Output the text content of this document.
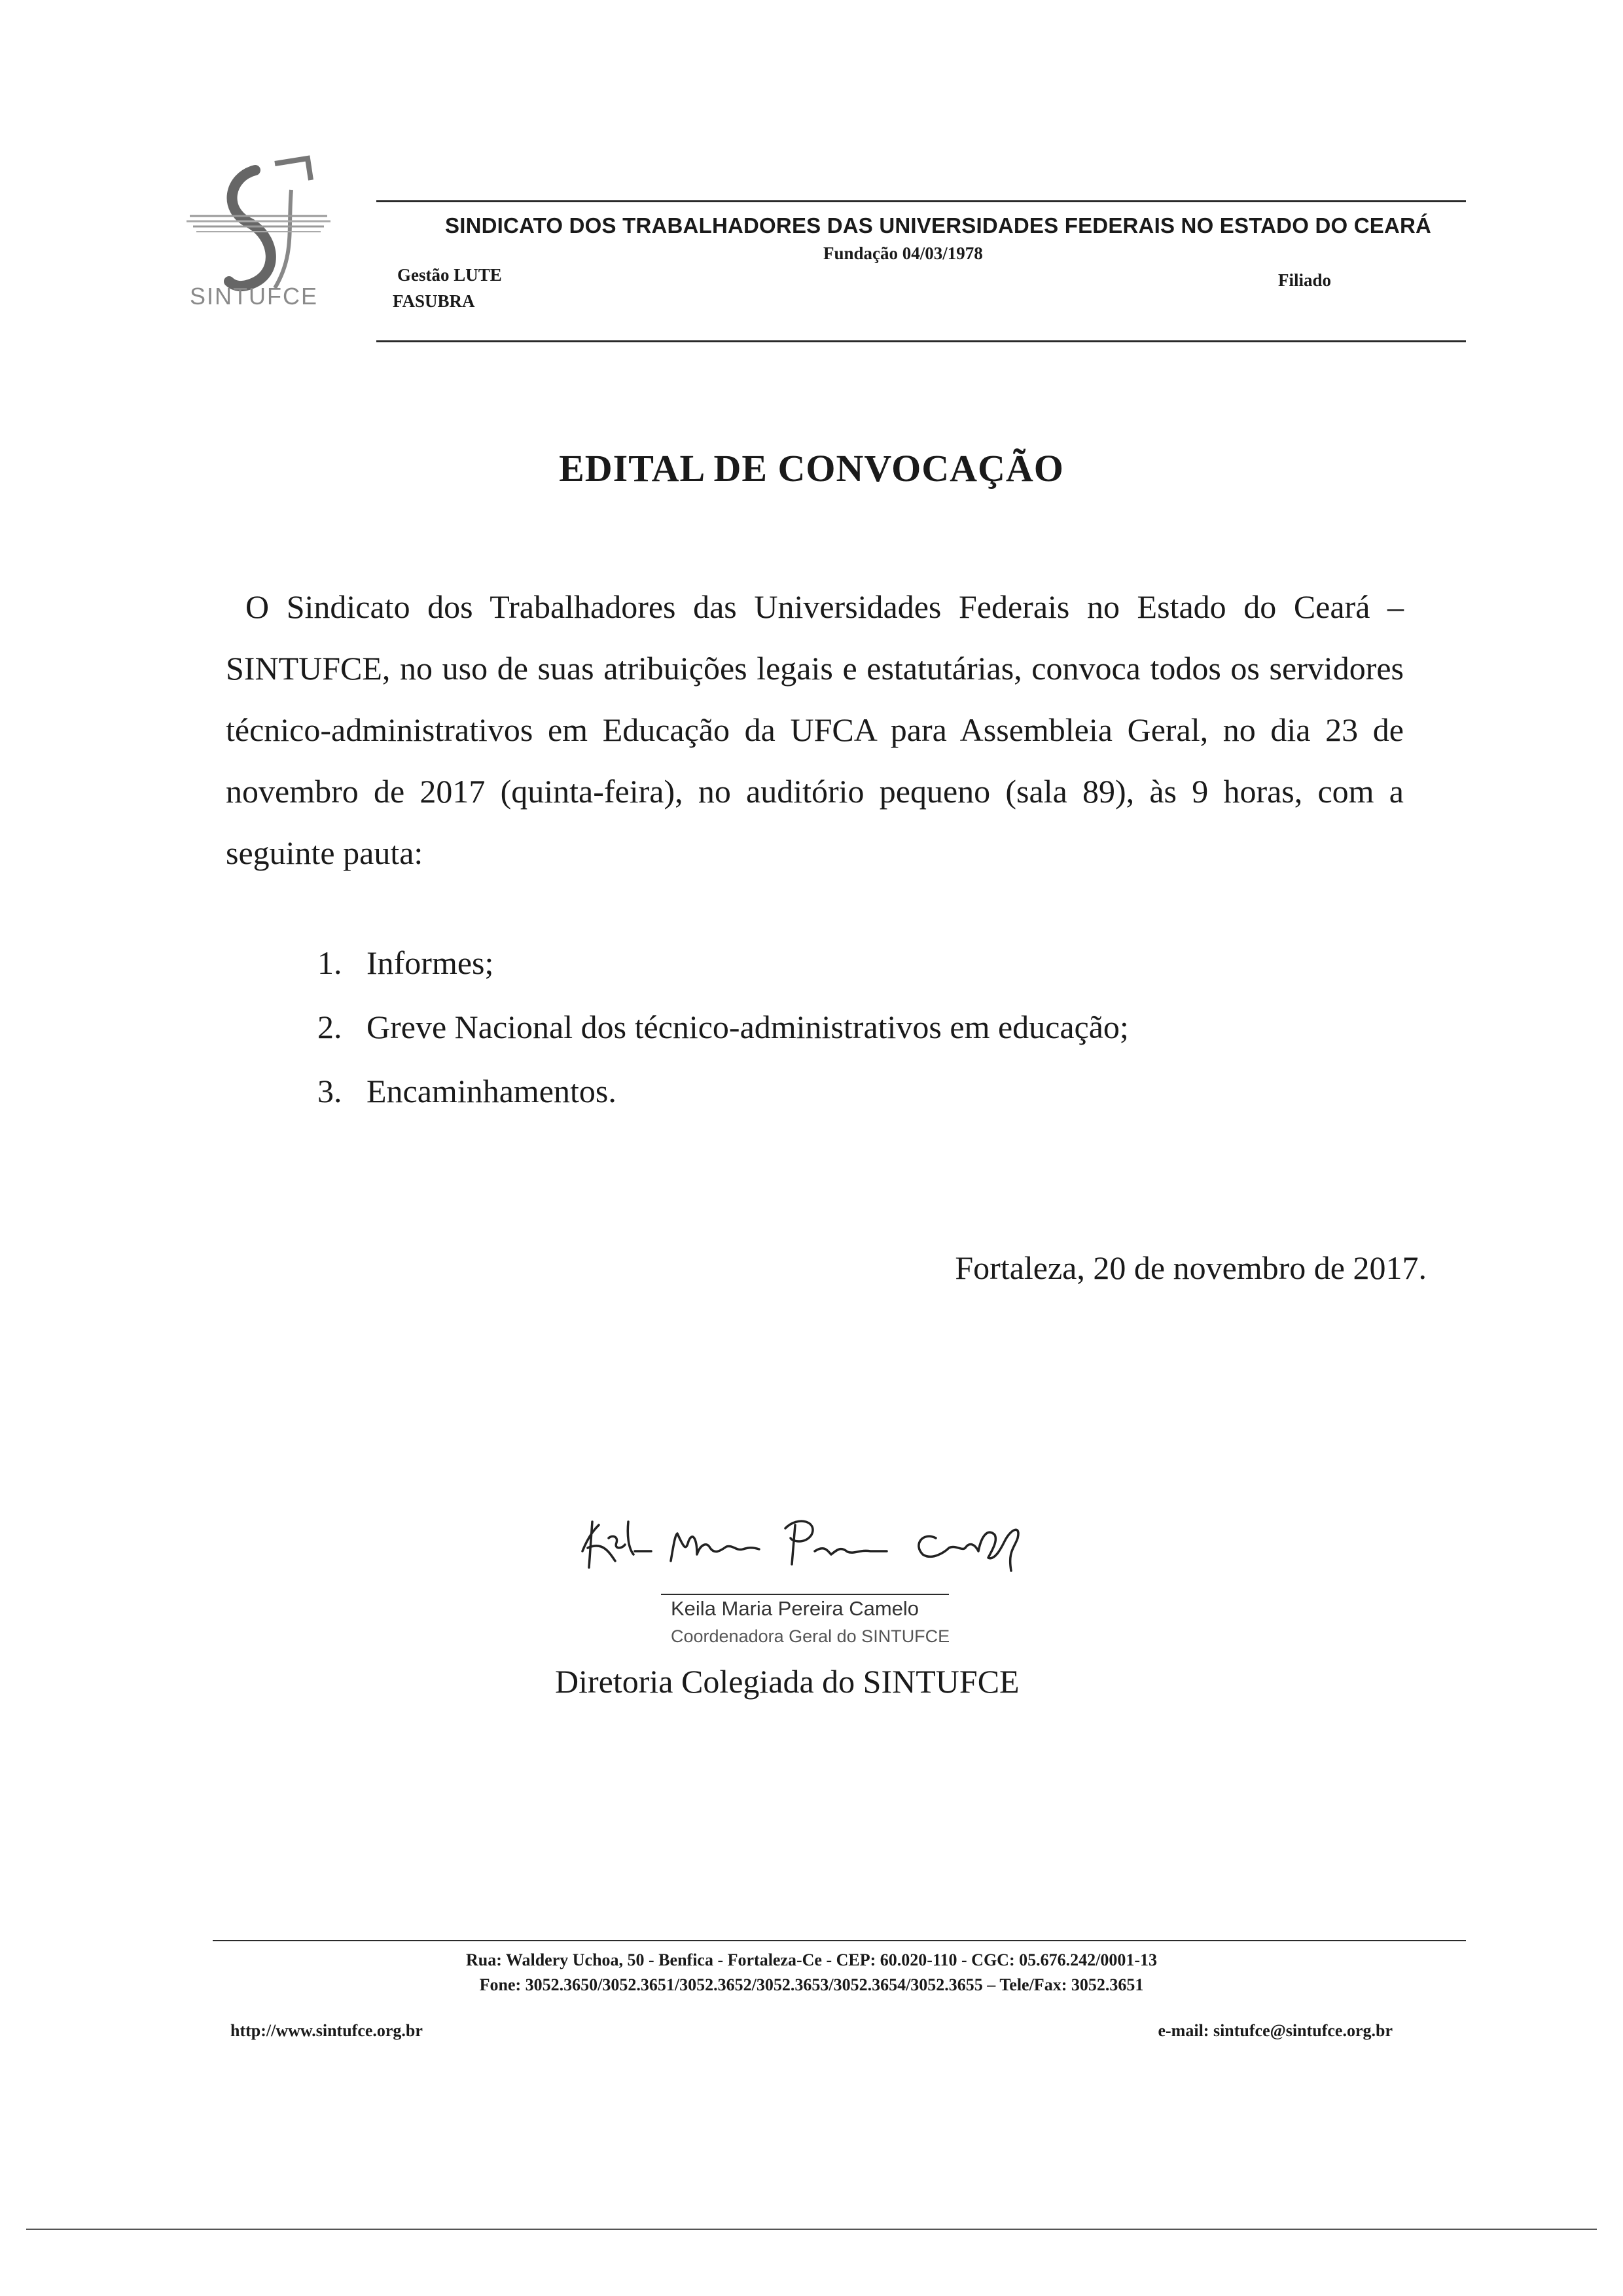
SINTUFCE
SINDICATO DOS TRABALHADORES DAS UNIVERSIDADES FEDERAIS NO ESTADO DO CEARÁ
Fundação 04/03/1978
Gestão LUTE
FASUBRA
Filiado
EDITAL DE CONVOCAÇÃO
O Sindicato dos Trabalhadores das Universidades Federais no Estado do Ceará – SINTUFCE, no uso de suas atribuições legais e estatutárias, convoca todos os servidores técnico-administrativos em Educação da UFCA para Assembleia Geral, no dia 23 de novembro de 2017 (quinta-feira), no auditório pequeno (sala 89), às 9 horas, com a seguinte pauta:
1. Informes;
2. Greve Nacional dos técnico-administrativos em educação;
3. Encaminhamentos.
Fortaleza, 20 de novembro de 2017.
Keila Maria Pereira Camelo
Coordenadora Geral do SINTUFCE
Diretoria Colegiada do SINTUFCE
Rua: Waldery Uchoa, 50 - Benfica - Fortaleza-Ce - CEP: 60.020-110 - CGC: 05.676.242/0001-13
Fone: 3052.3650/3052.3651/3052.3652/3052.3653/3052.3654/3052.3655 – Tele/Fax: 3052.3651
http://www.sintufce.org.br	e-mail: sintufce@sintufce.org.br
